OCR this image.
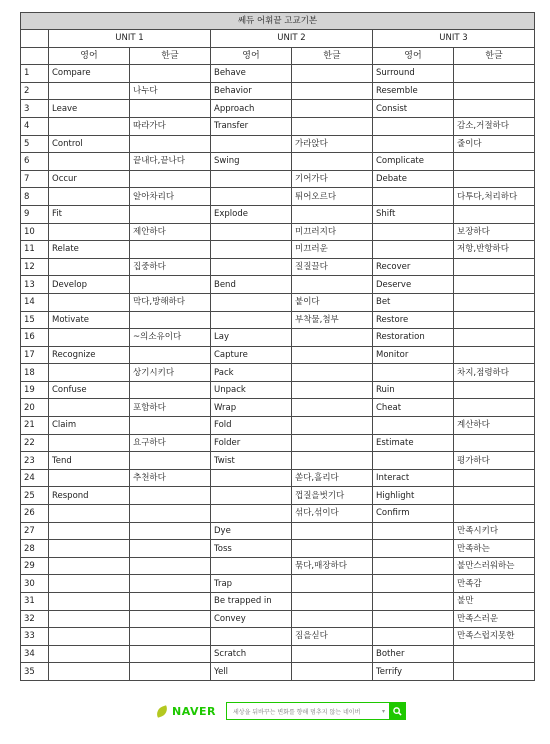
쎄듀 어휘끝 고교기본						
	UNIT 1		UNIT 2		UNIT 3	
	영어	한글	영어	한글	영어	한글
1	Compare		Behave		Surround	
2		나누다	Behavior		Resemble	
3	Leave		Approach		Consist	
4		따라가다	Transfer			감소,거절하다
5	Control			가라앉다		줄이다
6		끝내다,끝나다	Swing		Complicate	
7	Occur			기어가다	Debate	
8		알아차리다		튀어오르다		다투다,처리하다
9	Fit		Explode		Shift	
10		제안하다		미끄러지다		보장하다
11	Relate			미끄러운		저항,반항하다
12		집중하다		질질끌다	Recover	
13	Develop		Bend		Deserve	
14		막다,방해하다		붙이다	Bet	
15	Motivate			부착물,첨부	Restore	
16		~의소유이다	Lay		Restoration	
17	Recognize		Capture		Monitor	
18		상기시키다	Pack			차지,점령하다
19	Confuse		Unpack		Ruin	
20		포함하다	Wrap		Cheat	
21	Claim		Fold			계산하다
22		요구하다	Folder		Estimate	
23	Tend		Twist			평가하다
24		추천하다		쏟다,흘리다	Interact	
25	Respond			껍질을벗기다	Highlight	
26				섞다,섞이다	Confirm	
27			Dye			만족시키다
28			Toss			만족하는
29				묶다,매장하다		불만스러워하는
30			Trap			만족감
31			Be trapped in			불만
32			Convey			만족스러운
33				짐을싣다		만족스럽지못한
34			Scratch		Bother	
35			Yell		Terrify	
NAVER	세상을 뒤바꾸는 변화를 향해 멈추지 않는 네이버	▾
